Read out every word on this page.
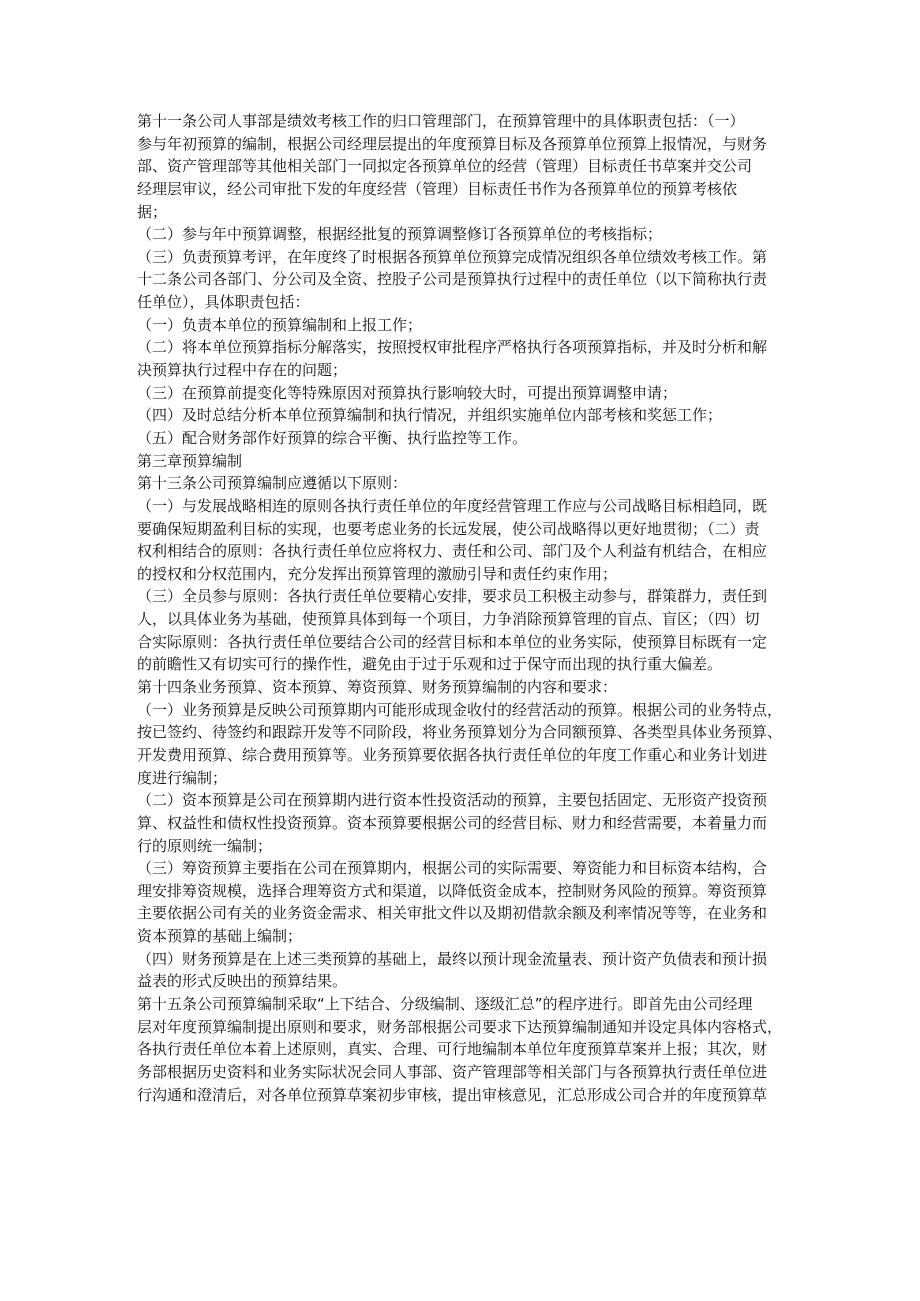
第十一条公司人事部是绩效考核工作的归口管理部门，在预算管理中的具体职责包括：（一）
参与年初预算的编制，根据公司经理层提出的年度预算目标及各预算单位预算上报情况，与财务
部、资产管理部等其他相关部门一同拟定各预算单位的经营（管理）目标责任书草案并交公司
经理层审议，经公司审批下发的年度经营（管理）目标责任书作为各预算单位的预算考核依
据；
（二）参与年中预算调整，根据经批复的预算调整修订各预算单位的考核指标；
（三）负责预算考评，在年度终了时根据各预算单位预算完成情况组织各单位绩效考核工作。第
十二条公司各部门、分公司及全资、控股子公司是预算执行过程中的责任单位（以下简称执行责
任单位），具体职责包括：
（一）负责本单位的预算编制和上报工作；
（二）将本单位预算指标分解落实，按照授权审批程序严格执行各项预算指标，并及时分析和解
决预算执行过程中存在的问题；
（三）在预算前提变化等特殊原因对预算执行影响较大时，可提出预算调整申请；
（四）及时总结分析本单位预算编制和执行情况，并组织实施单位内部考核和奖惩工作；
（五）配合财务部作好预算的综合平衡、执行监控等工作。
第三章预算编制
第十三条公司预算编制应遵循以下原则：
（一）与发展战略相连的原则各执行责任单位的年度经营管理工作应与公司战略目标相趋同，既
要确保短期盈利目标的实现，也要考虑业务的长远发展，使公司战略得以更好地贯彻；（二）责
权利相结合的原则：各执行责任单位应将权力、责任和公司、部门及个人利益有机结合，在相应
的授权和分权范围内，充分发挥出预算管理的激励引导和责任约束作用；
（三）全员参与原则：各执行责任单位要精心安排，要求员工积极主动参与，群策群力，责任到
人，以具体业务为基础，使预算具体到每一个项目，力争消除预算管理的盲点、盲区；（四）切
合实际原则：各执行责任单位要结合公司的经营目标和本单位的业务实际，使预算目标既有一定
的前瞻性又有切实可行的操作性，避免由于过于乐观和过于保守而出现的执行重大偏差。
第十四条业务预算、资本预算、筹资预算、财务预算编制的内容和要求：
（一）业务预算是反映公司预算期内可能形成现金收付的经营活动的预算。根据公司的业务特点，
按已签约、待签约和跟踪开发等不同阶段，将业务预算划分为合同额预算、各类型具体业务预算、
开发费用预算、综合费用预算等。业务预算要依据各执行责任单位的年度工作重心和业务计划进
度进行编制；
（二）资本预算是公司在预算期内进行资本性投资活动的预算，主要包括固定、无形资产投资预
算、权益性和债权性投资预算。资本预算要根据公司的经营目标、财力和经营需要，本着量力而
行的原则统一编制；
（三）筹资预算主要指在公司在预算期内，根据公司的实际需要、筹资能力和目标资本结构，合
理安排筹资规模，选择合理筹资方式和渠道，以降低资金成本，控制财务风险的预算。筹资预算
主要依据公司有关的业务资金需求、相关审批文件以及期初借款余额及利率情况等等，在业务和
资本预算的基础上编制；
（四）财务预算是在上述三类预算的基础上，最终以预计现金流量表、预计资产负债表和预计损
益表的形式反映出的预算结果。
第十五条公司预算编制采取“上下结合、分级编制、逐级汇总”的程序进行。即首先由公司经理
层对年度预算编制提出原则和要求，财务部根据公司要求下达预算编制通知并设定具体内容格式，
各执行责任单位本着上述原则，真实、合理、可行地编制本单位年度预算草案并上报；其次，财
务部根据历史资料和业务实际状况会同人事部、资产管理部等相关部门与各预算执行责任单位进
行沟通和澄清后，对各单位预算草案初步审核，提出审核意见，汇总形成公司合并的年度预算草
